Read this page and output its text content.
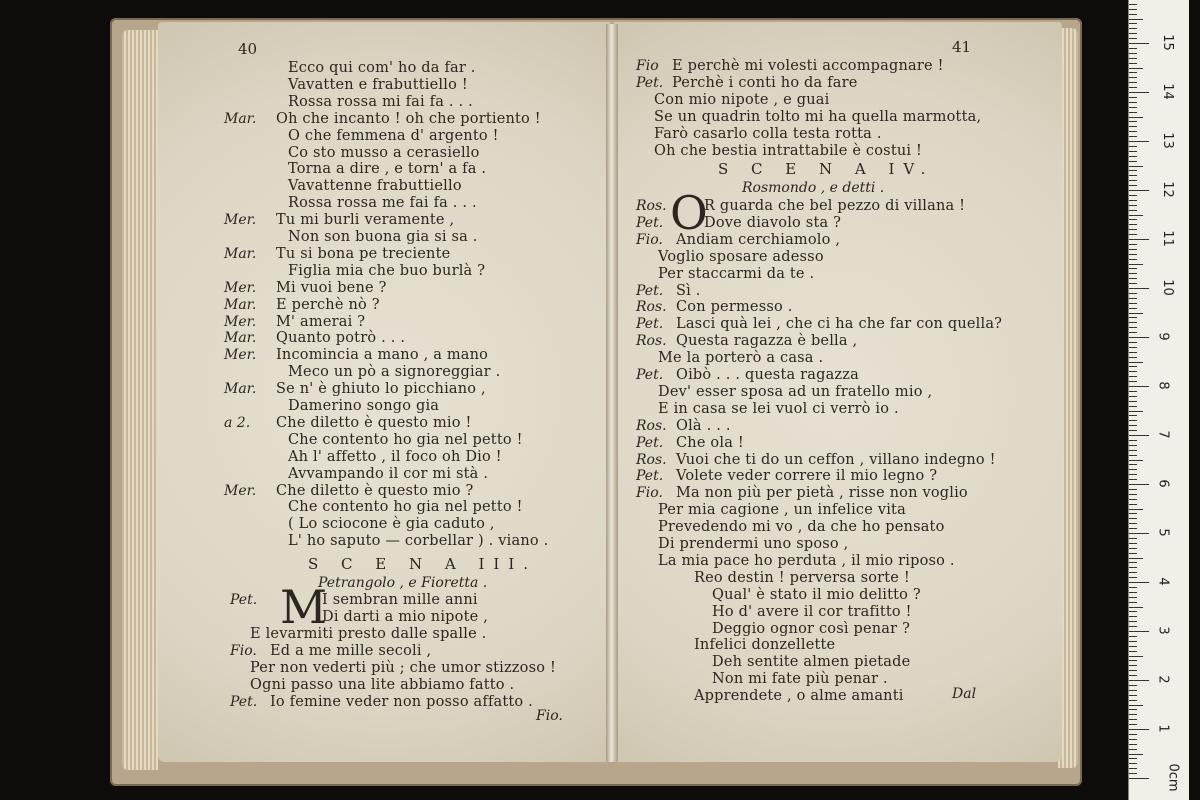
40
Ecco qui com' ho da far .
Vavatten e frabuttiello !
Rossa rossa mi fai fa . . .
Mar. Oh che incanto ! oh che portiento !
O che femmena d' argento !
Co sto musso a cerasiello
Torna a dire , e torn' a fa .
Vavattenne frabuttiello
Rossa rossa me fai fa . . .
Mer. Tu mi burli veramente ,
Non son buona gia si sa .
Mar. Tu si bona pe treciente
Figlia mia che buo burlà ?
Mer. Mi vuoi bene ?
Mar. E perchè nò ?
Mer. M' amerai ?
Mar. Quanto potrò . . .
Mer. Incomincia a mano , a mano
Meco un pò a signoreggiar .
Mar. Se n' è ghiuto lo picchiano ,
Damerino songo gia
a 2. Che diletto è questo mio !
Che contento ho gia nel petto !
Ah l' affetto , il foco oh Dio !
Avvampando il cor mi stà .
Mer. Che diletto è questo mio ?
Che contento ho gia nel petto !
( Lo sciocone è gia caduto ,
L' ho saputo — corbellar ) . viano .
S C E N A III.
Petrangolo , e Fioretta .
M
Pet.	I sembran mille anni
Di darti a mio nipote ,
E levarmiti presto dalle spalle .
Fio. Ed a me mille secoli ,
Per non vederti più ; che umor stizzoso !
Ogni passo una lite abbiamo fatto .
Pet. Io femine veder non posso affatto .
Fio.
41
Fio E perchè mi volesti accompagnare !
Pet. Perchè i conti ho da fare
Con mio nipote , e guai
Se un quadrin tolto mi ha quella marmotta,
Farò casarlo colla testa rotta .
Oh che bestia intrattabile è costui !
S C E N A IV.
Rosmondo , e detti .
O
Ros.	R guarda che bel pezzo di villana !
Pet.	Dove diavolo sta ?
Fio. Andiam cerchiamolo ,
Voglio sposare adesso
Per staccarmi da te .
Pet. Sì .
Ros. Con permesso .
Pet. Lasci quà lei , che ci ha che far con quella?
Ros. Questa ragazza è bella ,
Me la porterò a casa .
Pet. Oibò . . . questa ragazza
Dev' esser sposa ad un fratello mio ,
E in casa se lei vuol ci verrò io .
Ros. Olà . . .
Pet. Che ola !
Ros. Vuoi che ti do un ceffon , villano indegno !
Pet. Volete veder correre il mio legno ?
Fio. Ma non più per pietà , risse non voglio
Per mia cagione , un infelice vita
Prevedendo mi vo , da che ho pensato
Di prendermi uno sposo ,
La mia pace ho perduta , il mio riposo .
Reo destin ! perversa sorte !
Qual' è stato il mio delitto ?
Ho d' avere il cor trafitto !
Deggio ognor così penar ?
Infelici donzellette
Deh sentite almen pietade
Non mi fate più penar .
Apprendete , o alme amanti	Dal
15
14
13
12
11
10
9
8
7
6
5
4
3
2
1
0cm
